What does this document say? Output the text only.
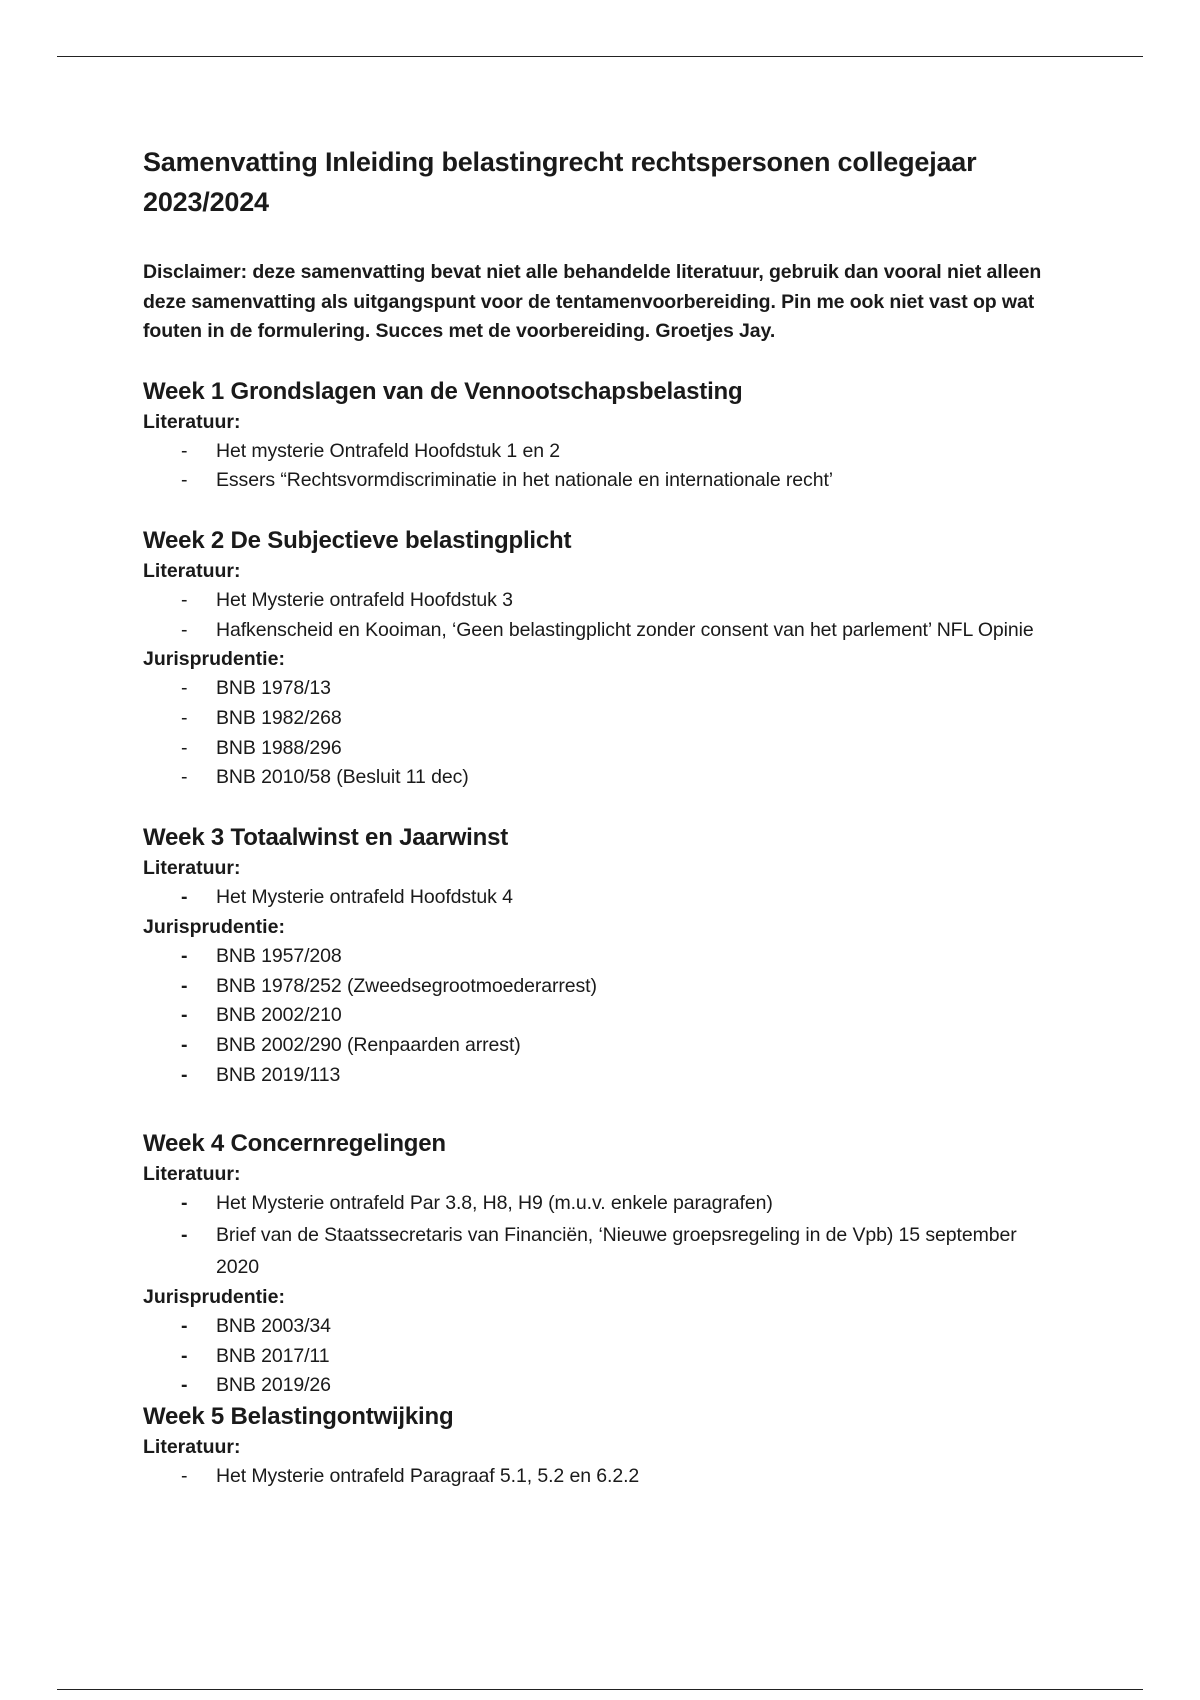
Samenvatting Inleiding belastingrecht rechtspersonen collegejaar 2023/2024

Disclaimer: deze samenvatting bevat niet alle behandelde literatuur, gebruik dan vooral niet alleen deze samenvatting als uitgangspunt voor de tentamenvoorbereiding. Pin me ook niet vast op wat fouten in de formulering. Succes met de voorbereiding. Groetjes Jay.

Week 1 Grondslagen van de Vennootschapsbelasting
Literatuur:
- Het mysterie Ontrafeld Hoofdstuk 1 en 2
- Essers “Rechtsvormdiscriminatie in het nationale en internationale recht’
Week 2 De Subjectieve belastingplicht
Literatuur:
- Het Mysterie ontrafeld Hoofdstuk 3
- Hafkenscheid en Kooiman, ‘Geen belastingplicht zonder consent van het parlement’ NFL Opinie
Jurisprudentie:
- BNB 1978/13
- BNB 1982/268
- BNB 1988/296
- BNB 2010/58 (Besluit 11 dec)
Week 3 Totaalwinst en Jaarwinst
Literatuur:
- Het Mysterie ontrafeld Hoofdstuk 4
Jurisprudentie:
- BNB 1957/208
- BNB 1978/252 (Zweedsegrootmoederarrest)
- BNB 2002/210
- BNB 2002/290 (Renpaarden arrest)
- BNB 2019/113
Week 4 Concernregelingen
Literatuur:
- Het Mysterie ontrafeld Par 3.8, H8, H9 (m.u.v. enkele paragrafen)
- Brief van de Staatssecretaris van Financiën, ‘Nieuwe groepsregeling in de Vpb) 15 september 2020
Jurisprudentie:
- BNB 2003/34
- BNB 2017/11
- BNB 2019/26
Week 5 Belastingontwijking
Literatuur:
- Het Mysterie ontrafeld Paragraaf 5.1, 5.2 en 6.2.2
